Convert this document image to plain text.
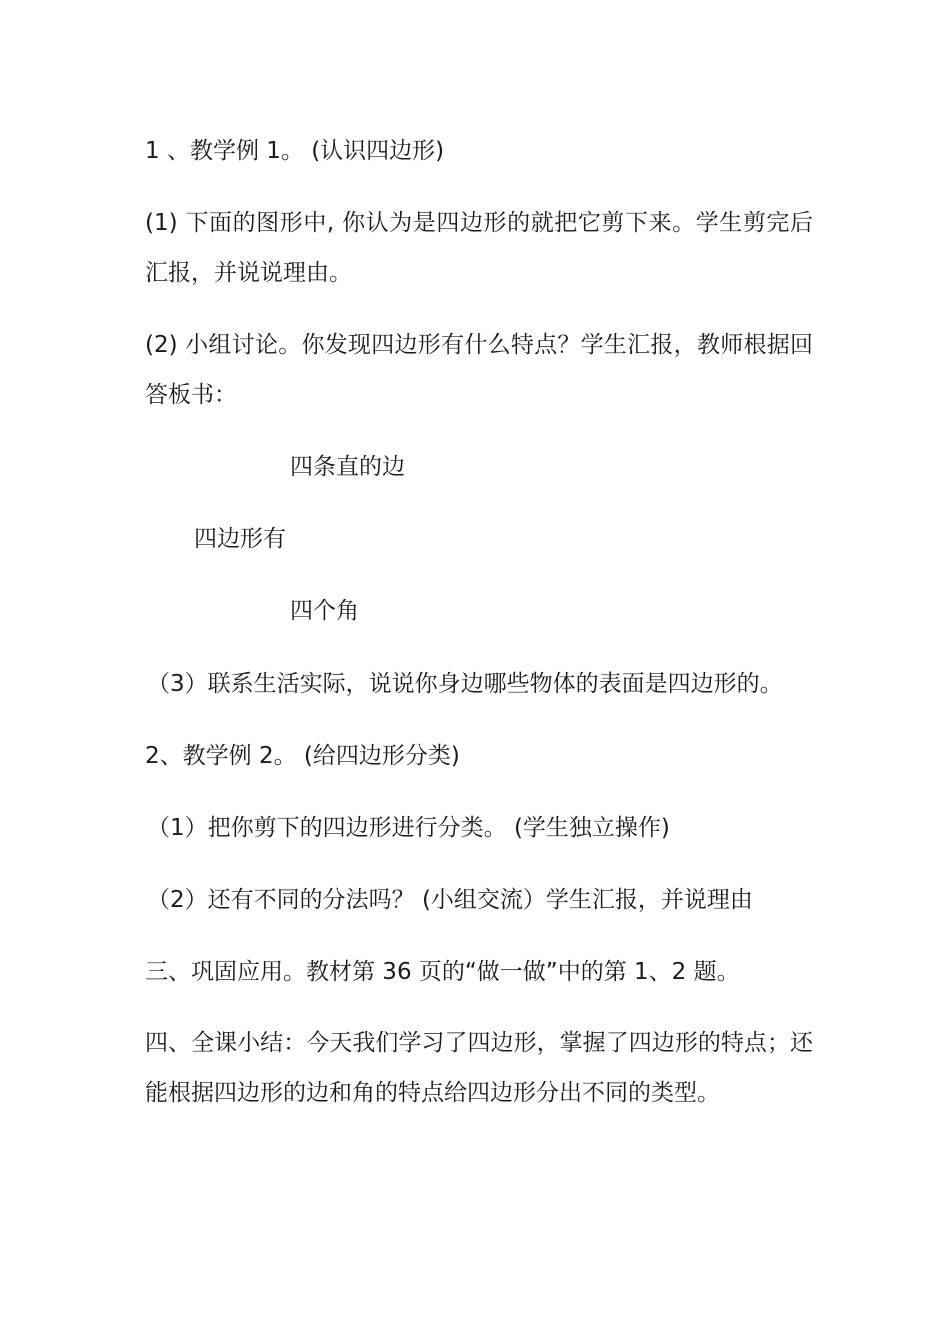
1 、教学例 1。 (认识四边形)
(1) 下面的图形中, 你认为是四边形的就把它剪下来。学生剪完后汇报，并说说理由。
(2) 小组讨论。你发现四边形有什么特点？学生汇报，教师根据回答板书：
四条直的边
四边形有
四个角
（3）联系生活实际，说说你身边哪些物体的表面是四边形的。
2、教学例 2。 (给四边形分类)
（1）把你剪下的四边形进行分类。 (学生独立操作)
（2）还有不同的分法吗？ (小组交流）学生汇报，并说理由
三、巩固应用。教材第 36 页的“做一做”中的第 1、2 题。
四、全课小结：今天我们学习了四边形，掌握了四边形的特点；还能根据四边形的边和角的特点给四边形分出不同的类型。
